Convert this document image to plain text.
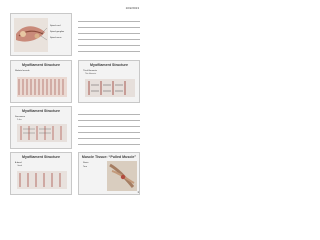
10/2/2013
Spinal cord
Spinal ganglion
Spinal nerve
Myofilament Structure
Skeletal muscle
Myofilament Structure
Sarcomere
Z disc
Myofilament Structure
Thick filaments
Thin filaments
Myofilament Structure
A band
I band
Muscle Tissue: “Pulled Muscle”
Strain
Tear
1
